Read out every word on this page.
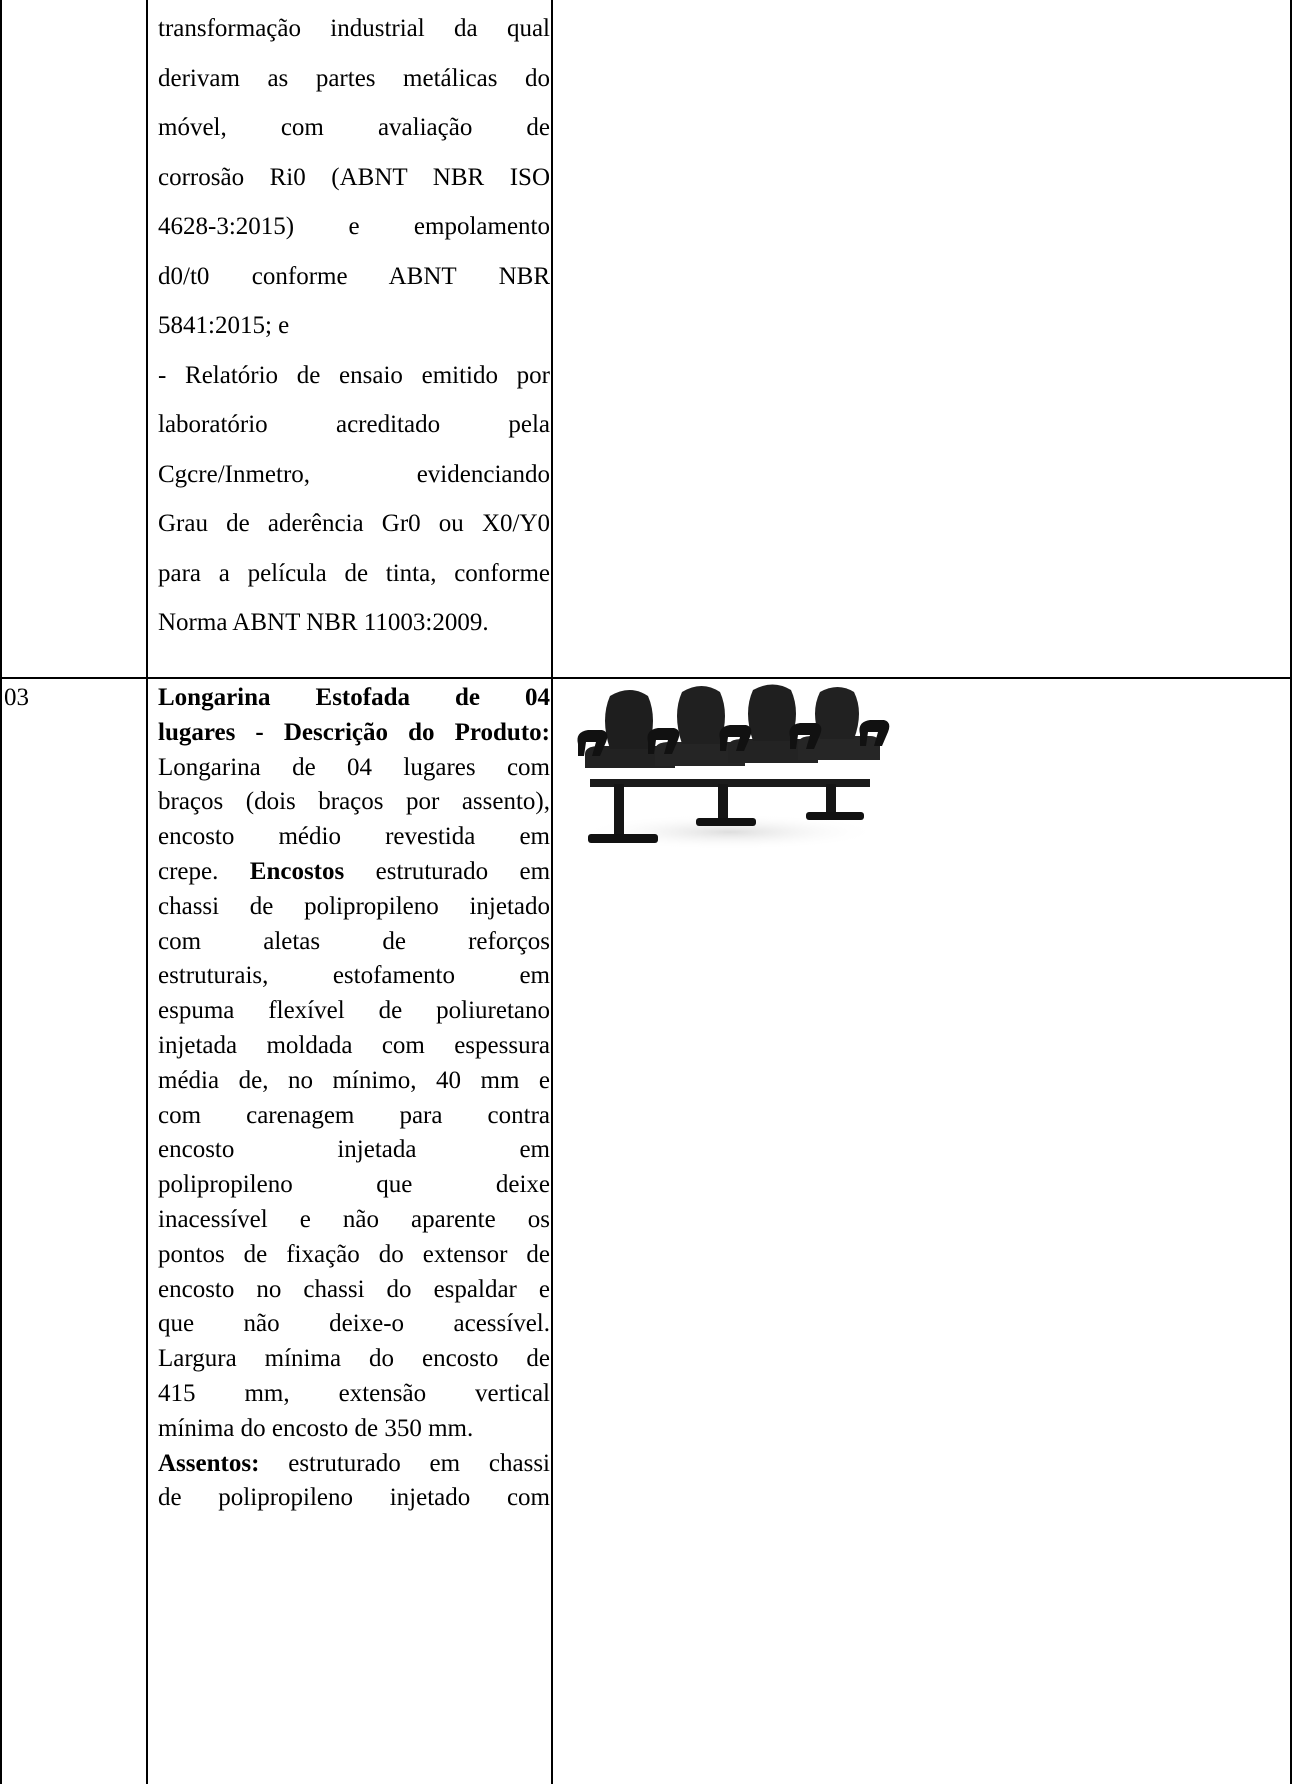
transformação industrial da qual
derivam as partes metálicas do
móvel, com avaliação de
corrosão Ri0 (ABNT NBR ISO
4628-3:2015) e empolamento
d0/t0 conforme ABNT NBR
5841:2015; e
- Relatório de ensaio emitido por
laboratório acreditado pela
Cgcre/Inmetro, evidenciando
Grau de aderência Gr0 ou X0/Y0
para a película de tinta, conforme
Norma ABNT NBR 11003:2009.
03	Longarina Estofada de 04
lugares - Descrição do Produto:
Longarina de 04 lugares com
braços (dois braços por assento),
encosto médio revestida em
crepe. Encostos estruturado em
chassi de polipropileno injetado
com aletas de reforços
estruturais, estofamento em
espuma flexível de poliuretano
injetada moldada com espessura
média de, no mínimo, 40 mm e
com carenagem para contra
encosto injetada em
polipropileno que deixe
inacessível e não aparente os
pontos de fixação do extensor de
encosto no chassi do espaldar e
que não deixe-o acessível.
Largura mínima do encosto de
415 mm, extensão vertical
mínima do encosto de 350 mm.
Assentos: estruturado em chassi
de polipropileno injetado com
